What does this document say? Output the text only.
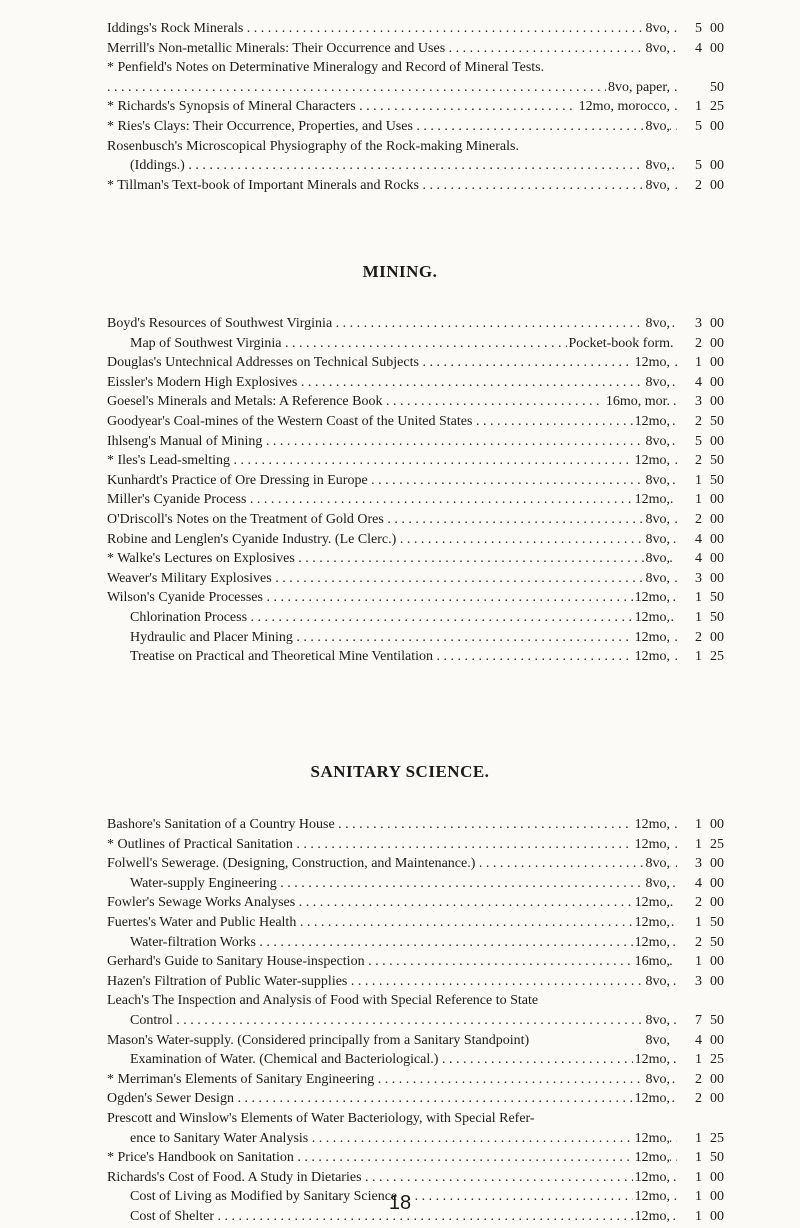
Iddings's Rock Minerals . . .	8vo,	5 00
Merrill's Non-metallic Minerals: Their Occurrence and Uses . . .	8vo,	4 00
* Penfield's Notes on Determinative Mineralogy and Record of Mineral Tests.
. . .
8vo, paper,	50
* Richards's Synopsis of Mineral Characters . . .	12mo, morocco,	1 25
* Ries's Clays: Their Occurrence, Properties, and Uses . . .	8vo,	5 00
Rosenbusch's Microscopical Physiography of the Rock-making Minerals.
(Iddings.) . . .	8vo,	5 00
* Tillman's Text-book of Important Minerals and Rocks . . .	8vo,	2 00
MINING.
Boyd's Resources of Southwest Virginia . . .	8vo,	3 00
Map of Southwest Virginia . . .	Pocket-book form	2 00
Douglas's Untechnical Addresses on Technical Subjects . . .	12mo,	1 00
Eissler's Modern High Explosives . . .	8vo,	4 00
Goesel's Minerals and Metals: A Reference Book . . .	16mo, mor.	3 00
Goodyear's Coal-mines of the Western Coast of the United States . . .	12mo,	2 50
Ihlseng's Manual of Mining . . .	8vo,	5 00
* Iles's Lead-smelting . . .	12mo,	2 50
Kunhardt's Practice of Ore Dressing in Europe . . .	8vo,	1 50
Miller's Cyanide Process . . .	12mo,	1 00
O'Driscoll's Notes on the Treatment of Gold Ores . . .	8vo,	2 00
Robine and Lenglen's Cyanide Industry. (Le Clerc.) . . .	8vo,	4 00
* Walke's Lectures on Explosives . . .	8vo,	4 00
Weaver's Military Explosives . . .	8vo,	3 00
Wilson's Cyanide Processes . . .	12mo,	1 50
Chlorination Process . . .	12mo,	1 50
Hydraulic and Placer Mining . . .	12mo,	2 00
Treatise on Practical and Theoretical Mine Ventilation . . .	12mo,	1 25
SANITARY SCIENCE.
Bashore's Sanitation of a Country House . . .	12mo,	1 00
* Outlines of Practical Sanitation . . .	12mo,	1 25
Folwell's Sewerage. (Designing, Construction, and Maintenance.) . . .	8vo,	3 00
Water-supply Engineering . . .	8vo,	4 00
Fowler's Sewage Works Analyses . . .	12mo,	2 00
Fuertes's Water and Public Health . . .	12mo,	1 50
Water-filtration Works . . .	12mo,	2 50
Gerhard's Guide to Sanitary House-inspection . . .	16mo,	1 00
Hazen's Filtration of Public Water-supplies . . .	8vo,	3 00
Leach's The Inspection and Analysis of Food with Special Reference to State
Control . . .	8vo,	7 50
Mason's Water-supply. (Considered principally from a Sanitary Standpoint)	8vo,	4 00
Examination of Water. (Chemical and Bacteriological.) . . .	12mo,	1 25
* Merriman's Elements of Sanitary Engineering . . .	8vo,	2 00
Ogden's Sewer Design . . .	12mo,	2 00
Prescott and Winslow's Elements of Water Bacteriology, with Special Refer-
ence to Sanitary Water Analysis . . .	12mo,	1 25
* Price's Handbook on Sanitation . . .	12mo,	1 50
Richards's Cost of Food. A Study in Dietaries . . .	12mo,	1 00
Cost of Living as Modified by Sanitary Science . . .	12mo,	1 00
Cost of Shelter . . .	12mo,	1 00
18
